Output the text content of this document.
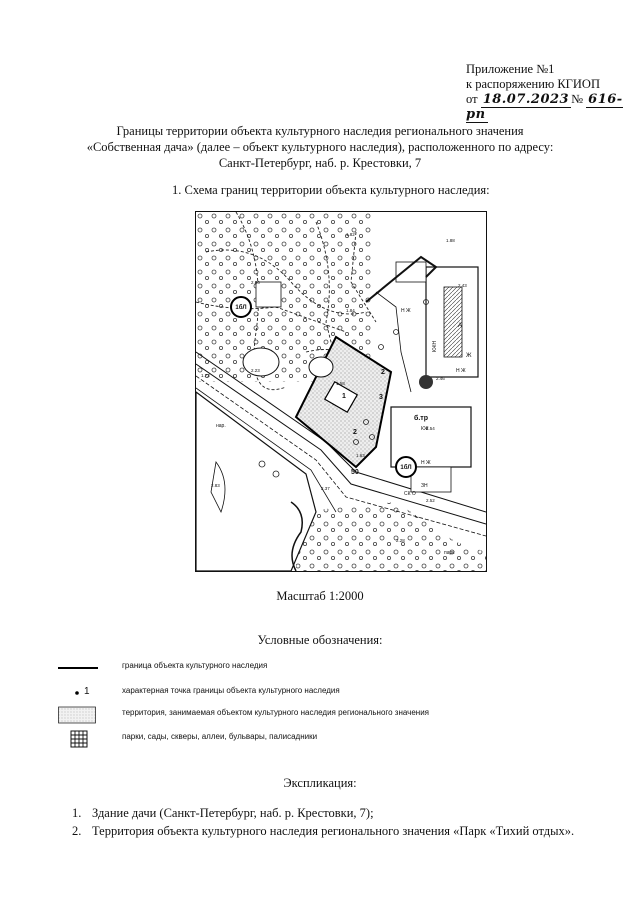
Приложение №1
к распоряжению КГИОП
от 18.07.2023 № 616-рп
Границы территории объекта культурного наследия регионального значения
«Собственная дача» (далее – объект культурного наследия), расположенного по адресу:
Санкт-Петербург, наб. р. Крестовки, 7
1. Схема границ территории объекта культурного наследия:
1бЛ
1бЛ
1
2
2
3
50
А
б.тр
КЖ
Н Ж
Н Ж
Н Ж
КЖН
Ж
ЗН
СК О
нар.
парк
1.82
1.88
2.06
2.43
2.46
2.54
2.52
1.58
2.23
1.84
1.73
1.63
2.37
2.83
2.28
Масштаб 1:2000
Условные обозначения:
граница объекта культурного наследия
1	характерная точка границы объекта культурного наследия
территория, занимаемая объектом культурного наследия регионального значения
парки, сады, скверы, аллеи, бульвары, палисадники
Экспликация:
1. Здание дачи (Санкт-Петербург, наб. р. Крестовки, 7);
2. Территория объекта культурного наследия регионального значения «Парк «Тихий отдых».
